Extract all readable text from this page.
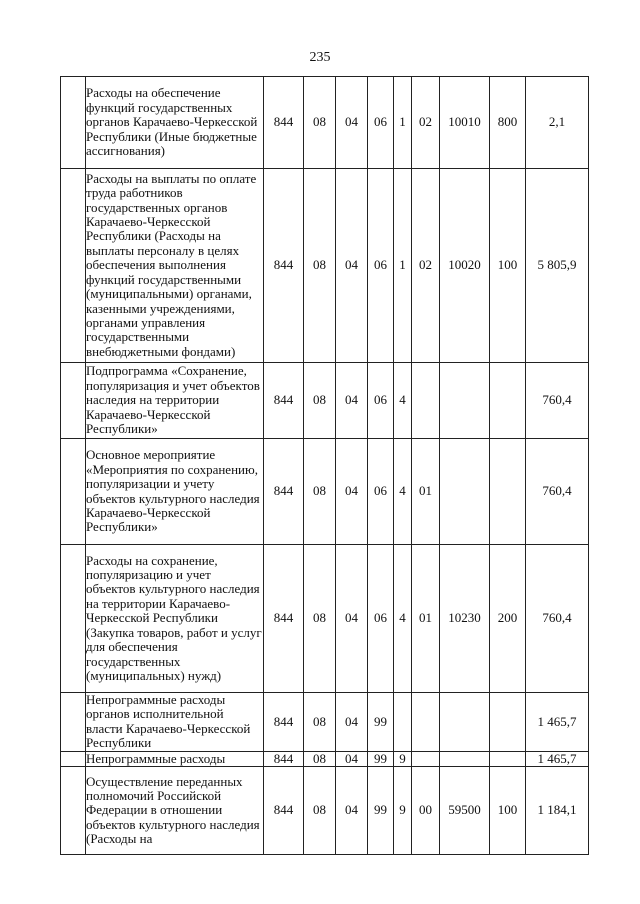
235
	Расходы на обеспечение функций государственных органов Карачаево-Черкесской Республики (Иные бюджетные ассигнования)	844	08	04	06	1	02	10010	800	2,1
	Расходы на выплаты по оплате труда работников государственных органов Карачаево-Черкесской Республики (Расходы на выплаты персоналу в целях обеспечения выполнения функций государственными (муниципальными) органами, казенными учреждениями, органами управления государственными внебюджетными фондами)	844	08	04	06	1	02	10020	100	5 805,9
	Подпрограмма «Сохранение, популяризация и учет объектов наследия на территории Карачаево-Черкесской Республики»	844	08	04	06	4				760,4
	Основное мероприятие «Мероприятия по сохранению, популяризации и учету объектов культурного наследия Карачаево-Черкесской Республики»	844	08	04	06	4	01			760,4
	Расходы на сохранение, популяризацию и учет объектов культурного наследия на территории Карачаево-Черкесской Республики (Закупка товаров, работ и услуг для обеспечения государственных (муниципальных) нужд)	844	08	04	06	4	01	10230	200	760,4
	Непрограммные расходы органов исполнительной власти Карачаево-Черкесской Республики	844	08	04	99					1 465,7
	Непрограммные расходы	844	08	04	99	9				1 465,7
	Осуществление переданных полномочий Российской Федерации в отношении объектов культурного наследия (Расходы на	844	08	04	99	9	00	59500	100	1 184,1
